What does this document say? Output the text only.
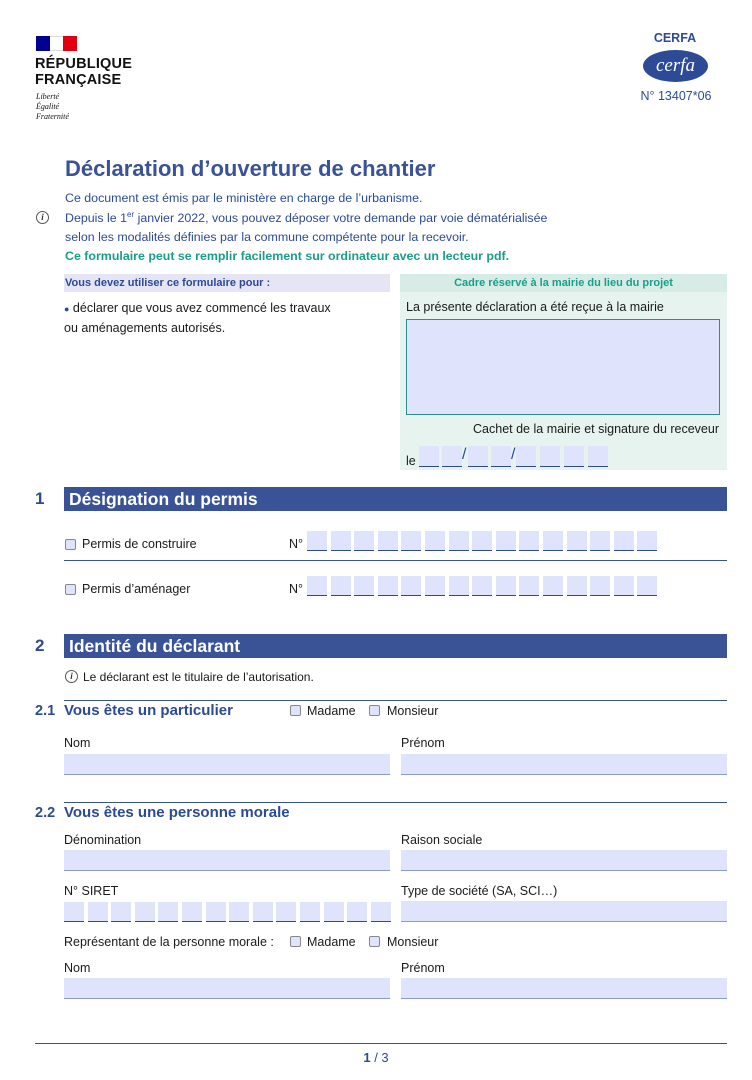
RÉPUBLIQUE
FRANÇAISE
Liberté
Égalité
Fraternité
CERFA
cerfa
N° 13407*06
Déclaration d’ouverture de chantier
Ce document est émis par le ministère en charge de l’urbanisme.
i	Depuis le 1er janvier 2022, vous pouvez déposer votre demande par voie dématérialisée
selon les modalités définies par la commune compétente pour la recevoir.
Ce formulaire peut se remplir facilement sur ordinateur avec un lecteur pdf.
Vous devez utiliser ce formulaire pour :
● déclarer que vous avez commencé les travaux
ou aménagements autorisés.
Cadre réservé à la mairie du lieu du projet
La présente déclaration a été reçue à la mairie
Cachet de la mairie et signature du receveur
le	/	/
1 Désignation du permis
Permis de construire	N°
Permis d’aménager	N°
2 Identité du déclarant
i Le déclarant est le titulaire de l’autorisation.
2.1 Vous êtes un particulier	Madame	Monsieur
Nom	Prénom
2.2 Vous êtes une personne morale
Dénomination	Raison sociale
N° SIRET	Type de société (SA, SCI…)
Représentant de la personne morale :	Madame	Monsieur
Nom	Prénom
1 / 3
